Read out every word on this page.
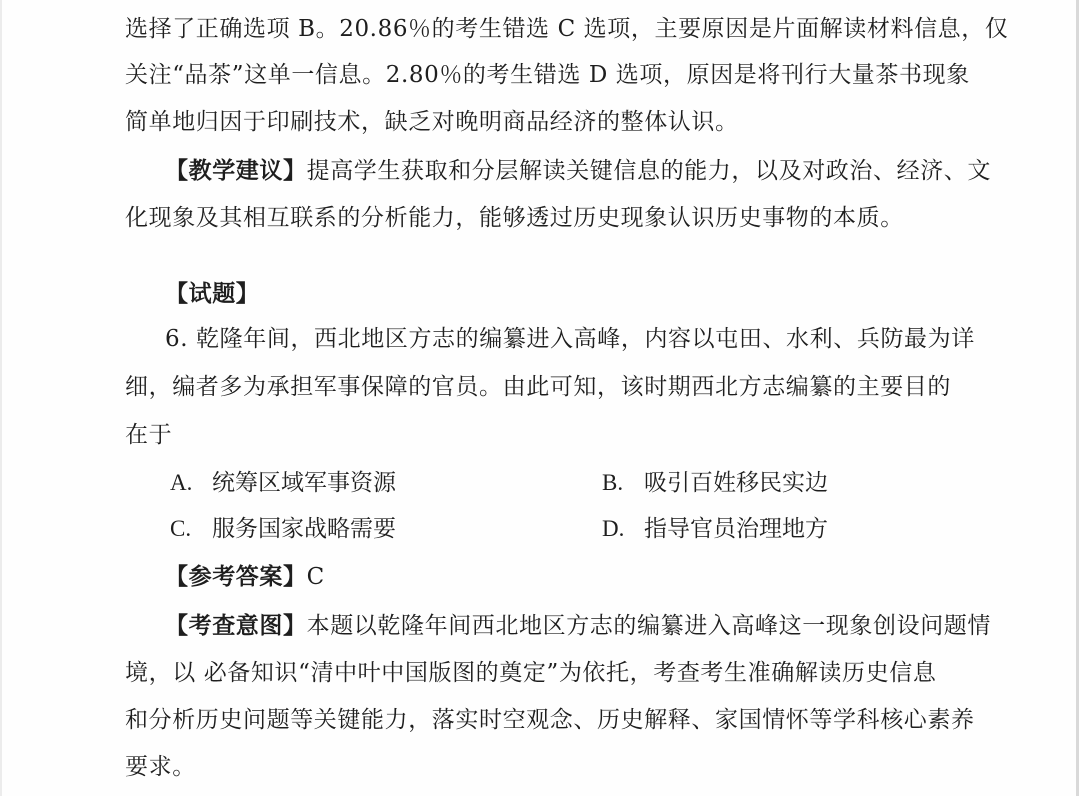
选择了正确选项 B。20.86％的考生错选 C 选项，主要原因是片面解读材料信息，仅
关注“品茶”这单一信息。2.80％的考生错选 D 选项，原因是将刊行大量茶书现象
简单地归因于印刷技术，缺乏对晚明商品经济的整体认识。
【教学建议】提高学生获取和分层解读关键信息的能力，以及对政治、经济、文
化现象及其相互联系的分析能力，能够透过历史现象认识历史事物的本质。
【试题】
6. 乾隆年间，西北地区方志的编纂进入高峰，内容以屯田、水利、兵防最为详
细，编者多为承担军事保障的官员。由此可知，该时期西北方志编纂的主要目的
在于
A. 统筹区域军事资源	B. 吸引百姓移民实边
C. 服务国家战略需要	D. 指导官员治理地方
【参考答案】C
【考查意图】本题以乾隆年间西北地区方志的编纂进入高峰这一现象创设问题情
境，以 必备知识“清中叶中国版图的奠定”为依托，考查考生准确解读历史信息
和分析历史问题等关键能力，落实时空观念、历史解释、家国情怀等学科核心素养
要求。
